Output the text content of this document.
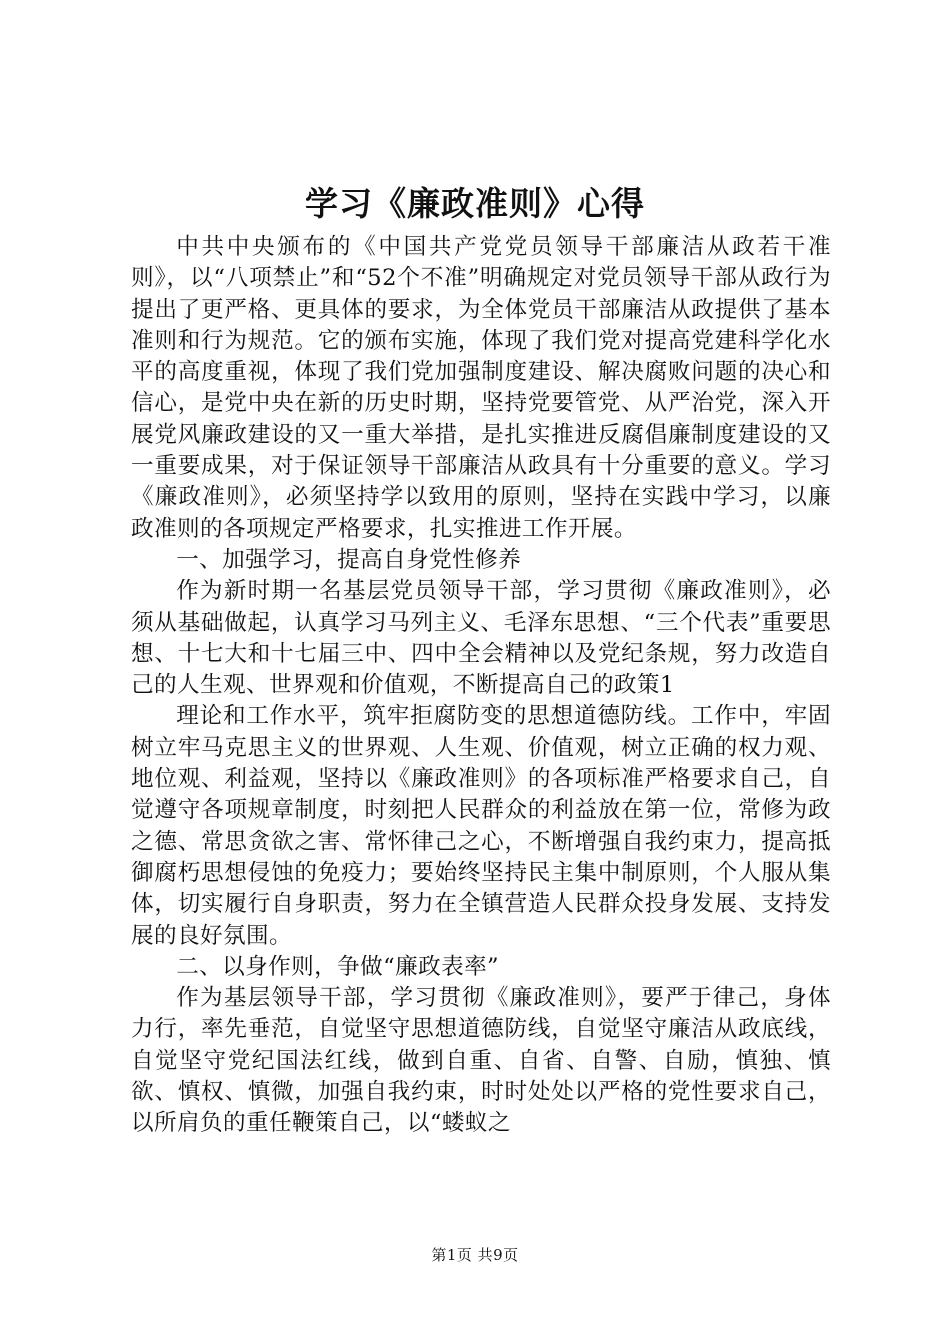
学习《廉政准则》心得

中共中央颁布的《中国共产党党员领导干部廉洁从政若干准则》，以“八项禁止”和“52个不准”明确规定对党员领导干部从政行为提出了更严格、更具体的要求，为全体党员干部廉洁从政提供了基本准则和行为规范。它的颁布实施，体现了我们党对提高党建科学化水平的高度重视，体现了我们党加强制度建设、解决腐败问题的决心和信心，是党中央在新的历史时期，坚持党要管党、从严治党，深入开展党风廉政建设的又一重大举措，是扎实推进反腐倡廉制度建设的又一重要成果，对于保证领导干部廉洁从政具有十分重要的意义。学习《廉政准则》，必须坚持学以致用的原则，坚持在实践中学习，以廉政准则的各项规定严格要求，扎实推进工作开展。

一、加强学习，提高自身党性修养

作为新时期一名基层党员领导干部，学习贯彻《廉政准则》，必须从基础做起，认真学习马列主义、毛泽东思想、“三个代表”重要思想、十七大和十七届三中、四中全会精神以及党纪条规，努力改造自己的人生观、世界观和价值观，不断提高自己的政策1

理论和工作水平，筑牢拒腐防变的思想道德防线。工作中，牢固树立牢马克思主义的世界观、人生观、价值观，树立正确的权力观、地位观、利益观，坚持以《廉政准则》的各项标准严格要求自己，自觉遵守各项规章制度，时刻把人民群众的利益放在第一位，常修为政之德、常思贪欲之害、常怀律己之心，不断增强自我约束力，提高抵御腐朽思想侵蚀的免疫力；要始终坚持民主集中制原则，个人服从集体，切实履行自身职责，努力在全镇营造人民群众投身发展、支持发展的良好氛围。

二、以身作则，争做“廉政表率”

作为基层领导干部，学习贯彻《廉政准则》，要严于律己，身体力行，率先垂范，自觉坚守思想道德防线，自觉坚守廉洁从政底线，自觉坚守党纪国法红线，做到自重、自省、自警、自励，慎独、慎欲、慎权、慎微，加强自我约束，时时处处以严格的党性要求自己，以所肩负的重任鞭策自己，以“蝼蚁之

第1页 共9页
